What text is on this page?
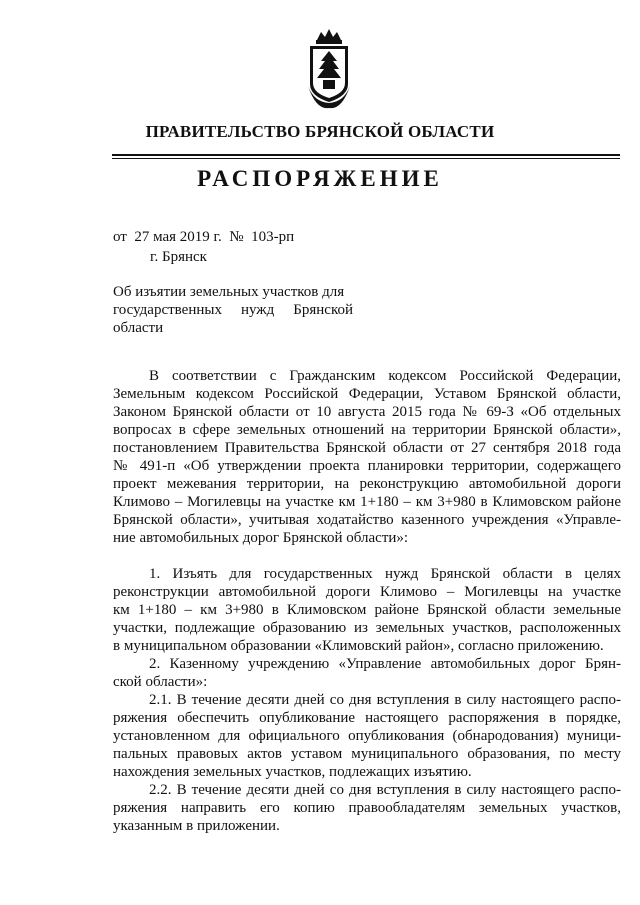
ПРАВИТЕЛЬСТВО БРЯНСКОЙ ОБЛАСТИ
РАСПОРЯЖЕНИЕ
от  27 мая 2019 г.  №  103-рп
г. Брянск
Об изъятии земельных участков для
государственных нужд Брянской
области
В соответствии с Гражданским кодексом Российской Федерации,
Земельным кодексом Российской Федерации, Уставом Брянской области,
Законом Брянской области от 10 августа 2015 года № 69-З «Об отдельных
вопросах в сфере земельных отношений на территории Брянской области»,
постановлением Правительства Брянской области от 27 сентября 2018 года
№ 491-п «Об утверждении проекта планировки территории, содержащего
проект межевания территории, на реконструкцию автомобильной дороги
Климово – Могилевцы на участке км 1+180 – км 3+980 в Климовском районе
Брянской области», учитывая ходатайство казенного учреждения «Управле-
ние автомобильных дорог Брянской области»:
1. Изъять для государственных нужд Брянской области в целях
реконструкции автомобильной дороги Климово – Могилевцы на участке
км 1+180 – км 3+980 в Климовском районе Брянской области земельные
участки, подлежащие образованию из земельных участков, расположенных
в муниципальном образовании «Климовский район», согласно приложению.
2. Казенному учреждению «Управление автомобильных дорог Брян-
ской области»:
2.1. В течение десяти дней со дня вступления в силу настоящего распо-
ряжения обеспечить опубликование настоящего распоряжения в порядке,
установленном для официального опубликования (обнародования) муници-
пальных правовых актов уставом муниципального образования, по месту
нахождения земельных участков, подлежащих изъятию.
2.2. В течение десяти дней со дня вступления в силу настоящего распо-
ряжения направить его копию правообладателям земельных участков,
указанным в приложении.
